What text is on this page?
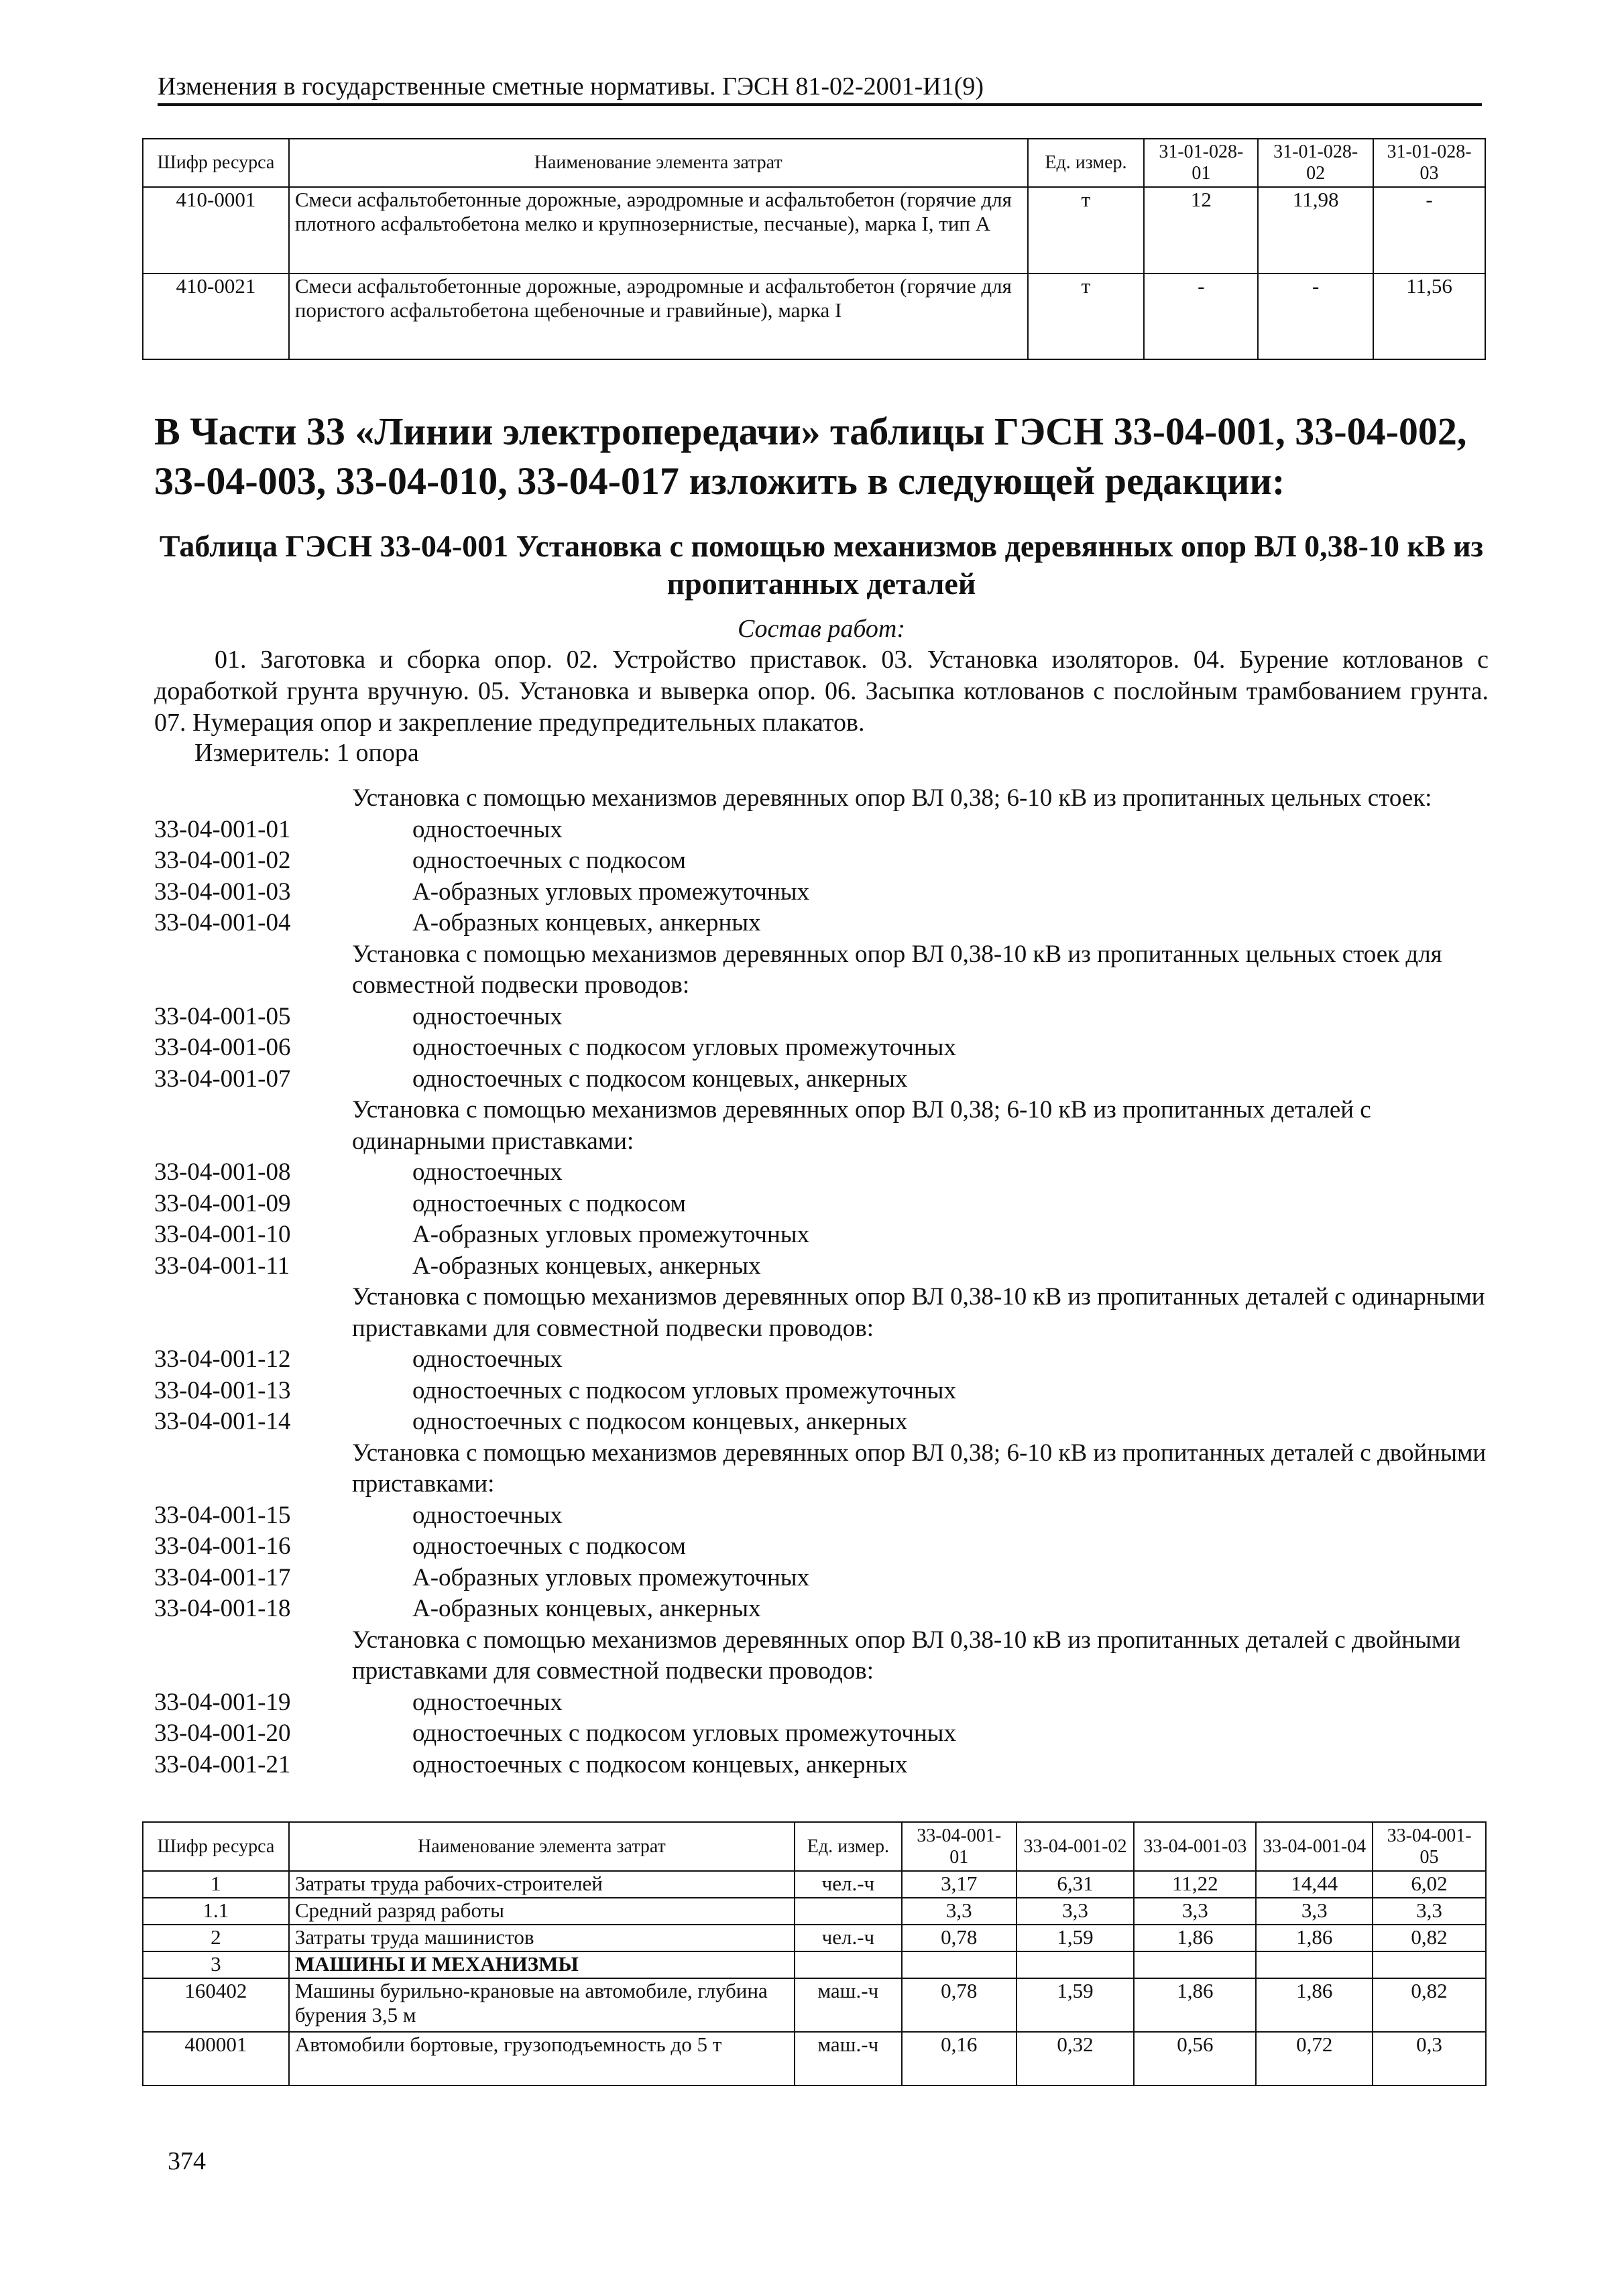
Изменения в государственные сметные нормативы. ГЭСН 81-02-2001-И1(9)
Шифр ресурса	Наименование элемента затрат	Ед. измер.	31-01-028-01	31-01-028-02	31-01-028-03
410-0001	Смеси асфальтобетонные дорожные, аэродромные и асфальтобетон (горячие для плотного асфальтобетона мелко и крупнозернистые, песчаные), марка I, тип А	т	12	11,98	-
410-0021	Смеси асфальтобетонные дорожные, аэродромные и асфальтобетон (горячие для пористого асфальтобетона щебеночные и гравийные), марка I	т	-	-	11,56
В Части 33 «Линии электропередачи» таблицы ГЭСН 33-04-001, 33-04-002, 33-04-003, 33-04-010, 33-04-017 изложить в следующей редакции:
Таблица ГЭСН 33-04-001 Установка с помощью механизмов деревянных опор ВЛ 0,38-10 кВ из пропитанных деталей
Состав работ:
01. Заготовка и сборка опор. 02. Устройство приставок. 03. Установка изоляторов. 04. Бурение котлованов с доработкой грунта вручную. 05. Установка и выверка опор. 06. Засыпка котлованов с послойным трамбованием грунта. 07. Нумерация опор и закрепление предупредительных плакатов.
Измеритель: 1 опора
Установка с помощью механизмов деревянных опор ВЛ 0,38; 6-10 кВ из пропитанных цельных стоек:
33-04-001-01	одностоечных
33-04-001-02	одностоечных с подкосом
33-04-001-03	А-образных угловых промежуточных
33-04-001-04	А-образных концевых, анкерных
Установка с помощью механизмов деревянных опор ВЛ 0,38-10 кВ из пропитанных цельных стоек для совместной подвески проводов:
33-04-001-05	одностоечных
33-04-001-06	одностоечных с подкосом угловых промежуточных
33-04-001-07	одностоечных с подкосом концевых, анкерных
Установка с помощью механизмов деревянных опор ВЛ 0,38; 6-10 кВ из пропитанных деталей с одинарными приставками:
33-04-001-08	одностоечных
33-04-001-09	одностоечных с подкосом
33-04-001-10	А-образных угловых промежуточных
33-04-001-11	А-образных концевых, анкерных
Установка с помощью механизмов деревянных опор ВЛ 0,38-10 кВ из пропитанных деталей с одинарными приставками для совместной подвески проводов:
33-04-001-12	одностоечных
33-04-001-13	одностоечных с подкосом угловых промежуточных
33-04-001-14	одностоечных с подкосом концевых, анкерных
Установка с помощью механизмов деревянных опор ВЛ 0,38; 6-10 кВ из пропитанных деталей с двойными приставками:
33-04-001-15	одностоечных
33-04-001-16	одностоечных с подкосом
33-04-001-17	А-образных угловых промежуточных
33-04-001-18	А-образных концевых, анкерных
Установка с помощью механизмов деревянных опор ВЛ 0,38-10 кВ из пропитанных деталей с двойными приставками для совместной подвески проводов:
33-04-001-19	одностоечных
33-04-001-20	одностоечных с подкосом угловых промежуточных
33-04-001-21	одностоечных с подкосом концевых, анкерных
Шифр ресурса	Наименование элемента затрат	Ед. измер.	33-04-001-01	33-04-001-02	33-04-001-03	33-04-001-04	33-04-001-05
1	Затраты труда рабочих-строителей	чел.-ч	3,17	6,31	11,22	14,44	6,02
1.1	Средний разряд работы		3,3	3,3	3,3	3,3	3,3
2	Затраты труда машинистов	чел.-ч	0,78	1,59	1,86	1,86	0,82
3	МАШИНЫ И МЕХАНИЗМЫ						
160402	Машины бурильно-крановые на автомобиле, глубина бурения 3,5 м	маш.-ч	0,78	1,59	1,86	1,86	0,82
400001	Автомобили бортовые, грузоподъемность до 5 т	маш.-ч	0,16	0,32	0,56	0,72	0,3
374
